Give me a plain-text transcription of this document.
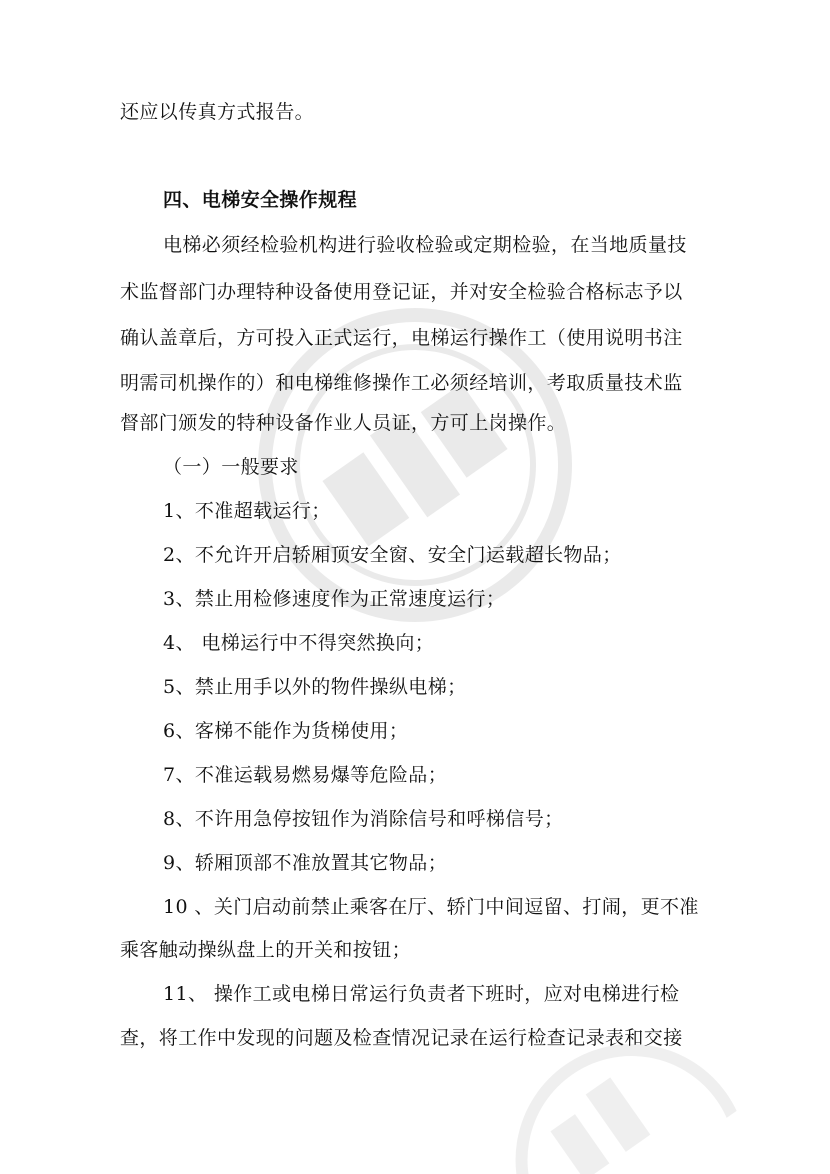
还应以传真方式报告。
四、电梯安全操作规程
电梯必须经检验机构进行验收检验或定期检验，在当地质量技
术监督部门办理特种设备使用登记证，并对安全检验合格标志予以
确认盖章后，方可投入正式运行，电梯运行操作工（使用说明书注
明需司机操作的）和电梯维修操作工必须经培训，考取质量技术监
督部门颁发的特种设备作业人员证，方可上岗操作。
（一）一般要求
1、不准超载运行；
2、不允许开启轿厢顶安全窗、安全门运载超长物品；
3、禁止用检修速度作为正常速度运行；
4、 电梯运行中不得突然换向；
5、禁止用手以外的物件操纵电梯；
6、客梯不能作为货梯使用；
7、不准运载易燃易爆等危险品；
8、不许用急停按钮作为消除信号和呼梯信号；
9、轿厢顶部不准放置其它物品；
10 、关门启动前禁止乘客在厅、轿门中间逗留、打闹，更不准
乘客触动操纵盘上的开关和按钮；
11、 操作工或电梯日常运行负责者下班时，应对电梯进行检
查，将工作中发现的问题及检查情况记录在运行检查记录表和交接
